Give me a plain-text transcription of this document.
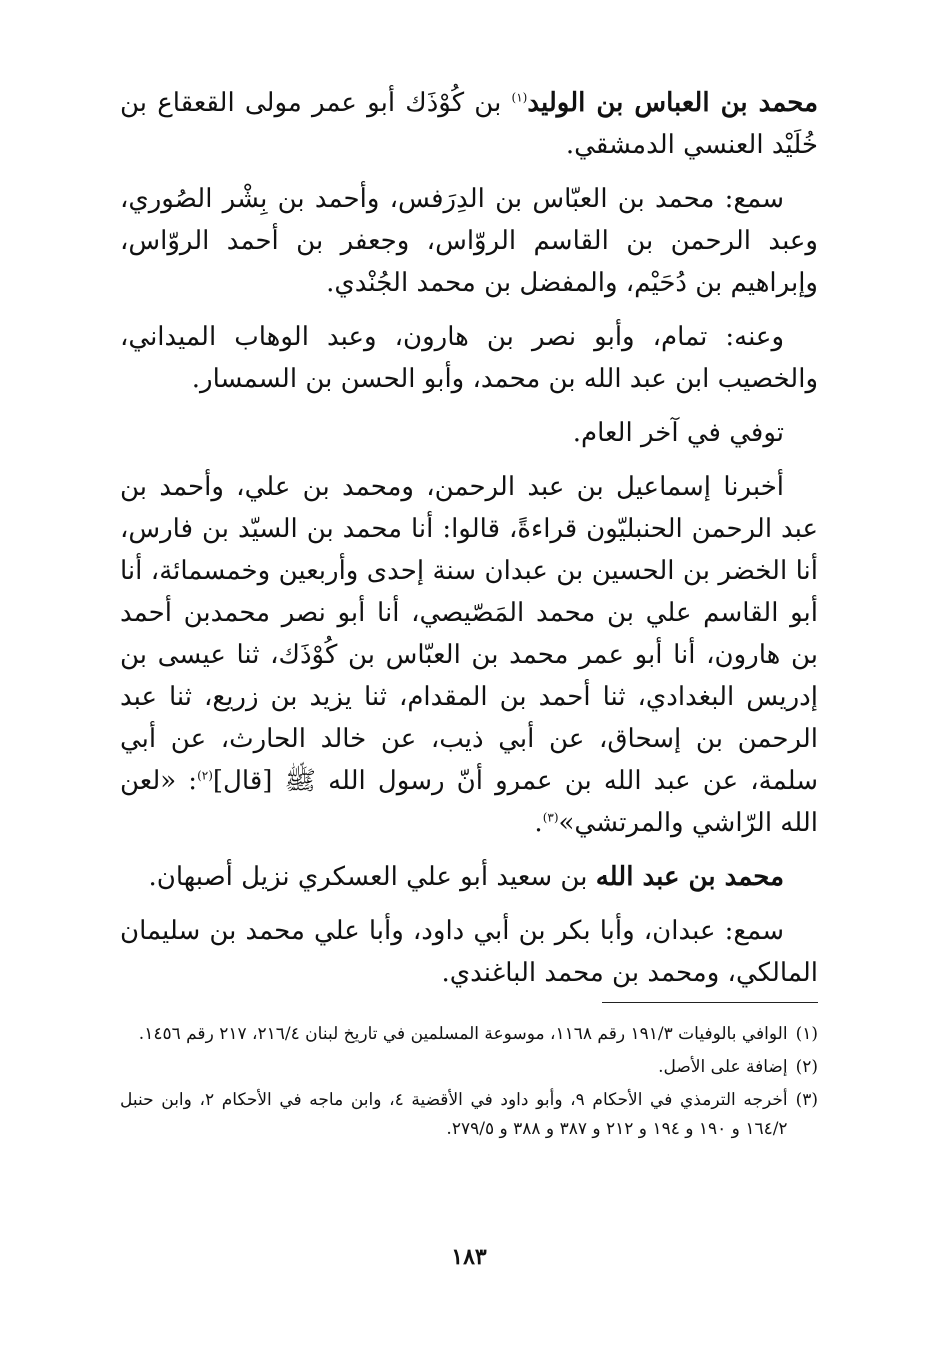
محمد بن العباس بن الوليد$^{(١)}$ بن كُوْذَك أبو عمر مولى القعقاع بن خُلَيْد العنسي الدمشقي.

سمع: محمد بن العبّاس بن الدِرَفس، وأحمد بن بِشْر الصُوري، وعبد الرحمن بن القاسم الروّاس، وجعفر بن أحمد الروّاس، وإبراهيم بن دُحَيْم، والمفضل بن محمد الجُنْدي.

وعنه: تمام، وأبو نصر بن هارون، وعبد الوهاب الميداني، والخصيب ابن عبد الله بن محمد، وأبو الحسن بن السمسار.

توفي في آخر العام.

أخبرنا إسماعيل بن عبد الرحمن، ومحمد بن علي، وأحمد بن عبد الرحمن الحنبليّون قراءةً، قالوا: أنا محمد بن السيّد بن فارس، أنا الخضر بن الحسين بن عبدان سنة إحدى وأربعين وخمسمائة، أنا أبو القاسم علي بن محمد المَصّيصي، أنا أبو نصر محمدبن أحمد بن هارون، أنا أبو عمر محمد بن العبّاس بن كُوْذَك، ثنا عيسى بن إدريس البغدادي، ثنا أحمد بن المقدام، ثنا يزيد بن زريع، ثنا عبد الرحمن بن إسحاق، عن أبي ذيب، عن خالد الحارث، عن أبي سلمة، عن عبد الله بن عمرو أنّ رسول الله ﷺ [قال]$^{(٢)}$: «لعن الله الرّاشي والمرتشي»$^{(٣)}$.

محمد بن عبد الله بن سعيد أبو علي العسكري نزيل أصبهان.

سمع: عبدان، وأبا بكر بن أبي داود، وأبا علي محمد بن سليمان المالكي، ومحمد بن محمد الباغندي.

(١)
الوافي بالوفيات ١٩١/٣ رقم ١١٦٨، موسوعة المسلمين في تاريخ لبنان ٢١٦/٤، ٢١٧ رقم ١٤٥٦.
(٢)
إضافة على الأصل.
(٣)
أخرجه الترمذي في الأحكام ٩، وأبو داود في الأقضية ٤، وابن ماجه في الأحكام ٢، وابن حنبل ١٦٤/٢ و ١٩٠ و ١٩٤ و ٢١٢ و ٣٨٧ و ٣٨٨ و ٢٧٩/٥.
١٨٣
